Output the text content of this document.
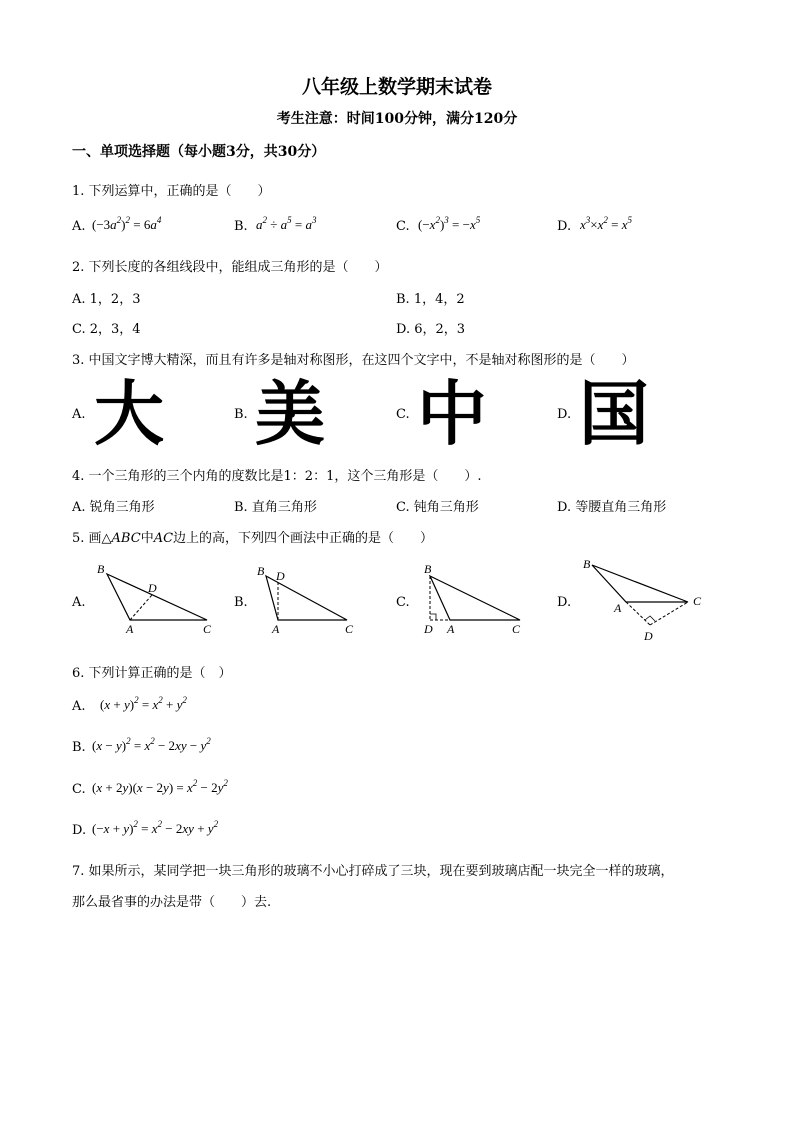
八年级上数学期末试卷
考生注意：时间100分钟，满分120分
一、单项选择题（每小题3分，共30分）
1. 下列运算中，正确的是（　　）
A. $(-3a^2)^2 = 6a^4$	B. $a^2 \div a^5 = a^3$	C. $(-x^2)^3 = -x^5$	D. $x^3\times x^2 = x^5$
2. 下列长度的各组线段中，能组成三角形的是（　　）
A. 1，2，3	B. 1，4，2
C. 2，3，4	D. 6，2，3
3. 中国文字博大精深，而且有许多是轴对称图形，在这四个文字中，不是轴对称图形的是（　　）
A. 大	B. 美	C. 中	D. 国
4. 一个三角形的三个内角的度数比是1：2：1，这个三角形是（　　）.
A. 锐角三角形	B. 直角三角形	C. 钝角三角形	D. 等腰直角三角形
5. 画△ABC中AC边上的高，下列四个画法中正确的是（　　）
A.
B
D
A	C
B.
B D
A	C
C.
B
D A	C
D.
B
A	C
D
6. 下列计算正确的是（　）
A. $(x + y)^2 = x^2 + y^2$
B. $(x - y)^2 = x^2 - 2xy - y^2$
C. $(x + 2y)(x - 2y) = x^2 - 2y^2$
D. $(-x + y)^2 = x^2 - 2xy + y^2$
7. 如果所示，某同学把一块三角形的玻璃不小心打碎成了三块，现在要到玻璃店配一块完全一样的玻璃，
那么最省事的办法是带（　　）去.
